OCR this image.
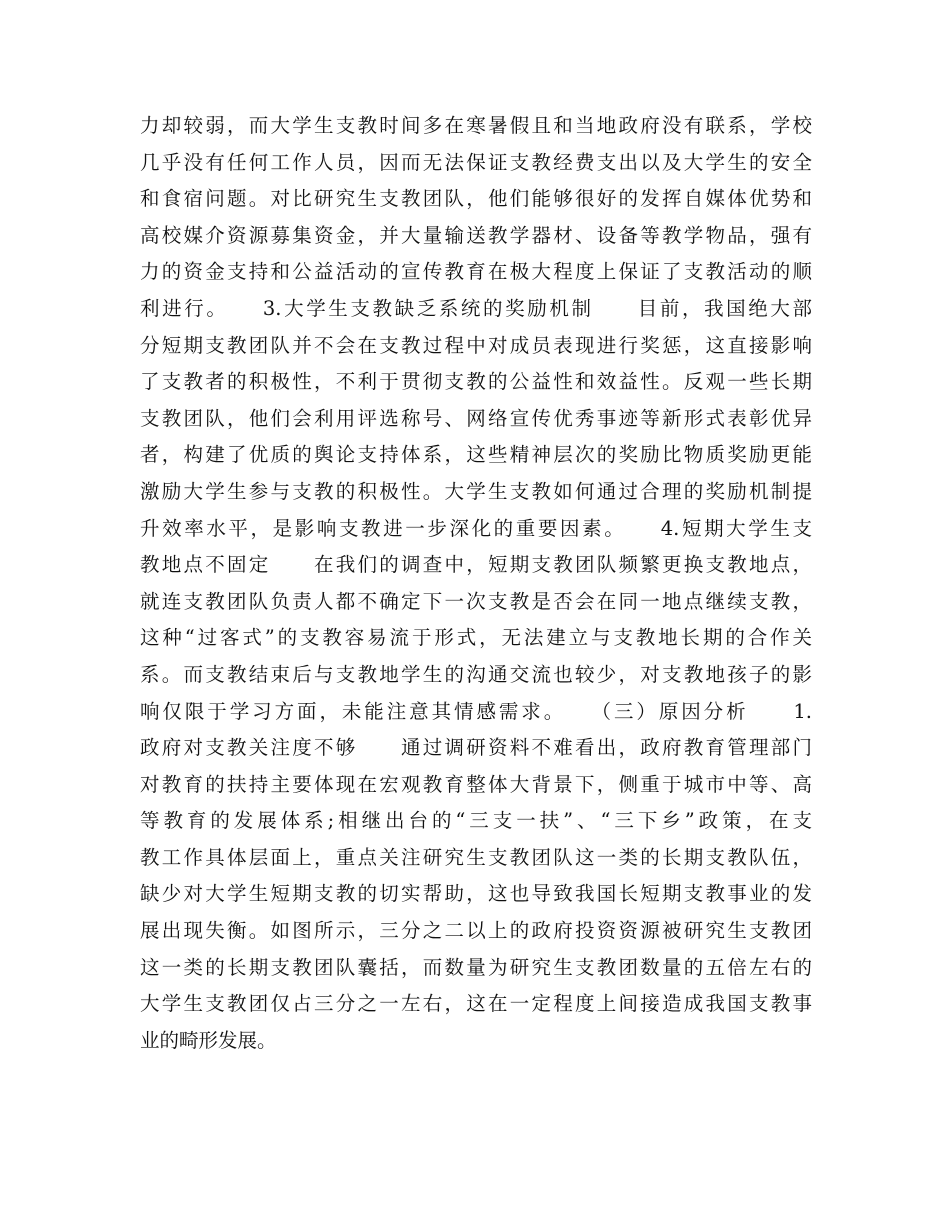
力却较弱，而大学生支教时间多在寒暑假且和当地政府没有联系，学校
几乎没有任何工作人员，因而无法保证支教经费支出以及大学生的安全
和食宿问题。对比研究生支教团队，他们能够很好的发挥自媒体优势和
高校媒介资源募集资金，并大量输送教学器材、设备等教学物品，强有
力的资金支持和公益活动的宣传教育在极大程度上保证了支教活动的顺
利进行。　　3.大学生支教缺乏系统的奖励机制　　目前，我国绝大部
分短期支教团队并不会在支教过程中对成员表现进行奖惩，这直接影响
了支教者的积极性，不利于贯彻支教的公益性和效益性。反观一些长期
支教团队，他们会利用评选称号、网络宣传优秀事迹等新形式表彰优异
者，构建了优质的舆论支持体系，这些精神层次的奖励比物质奖励更能
激励大学生参与支教的积极性。大学生支教如何通过合理的奖励机制提
升效率水平，是影响支教进一步深化的重要因素。　　4.短期大学生支
教地点不固定　　在我们的调查中，短期支教团队频繁更换支教地点，
就连支教团队负责人都不确定下一次支教是否会在同一地点继续支教，
这种“过客式”的支教容易流于形式，无法建立与支教地长期的合作关
系。而支教结束后与支教地学生的沟通交流也较少，对支教地孩子的影
响仅限于学习方面，未能注意其情感需求。　　（三）原因分析　　1.
政府对支教关注度不够　　通过调研资料不难看出，政府教育管理部门
对教育的扶持主要体现在宏观教育整体大背景下，侧重于城市中等、高
等教育的发展体系;相继出台的“三支一扶”、“三下乡”政策，在支
教工作具体层面上，重点关注研究生支教团队这一类的长期支教队伍，
缺少对大学生短期支教的切实帮助，这也导致我国长短期支教事业的发
展出现失衡。如图所示，三分之二以上的政府投资资源被研究生支教团
这一类的长期支教团队囊括，而数量为研究生支教团数量的五倍左右的
大学生支教团仅占三分之一左右，这在一定程度上间接造成我国支教事
业的畸形发展。
